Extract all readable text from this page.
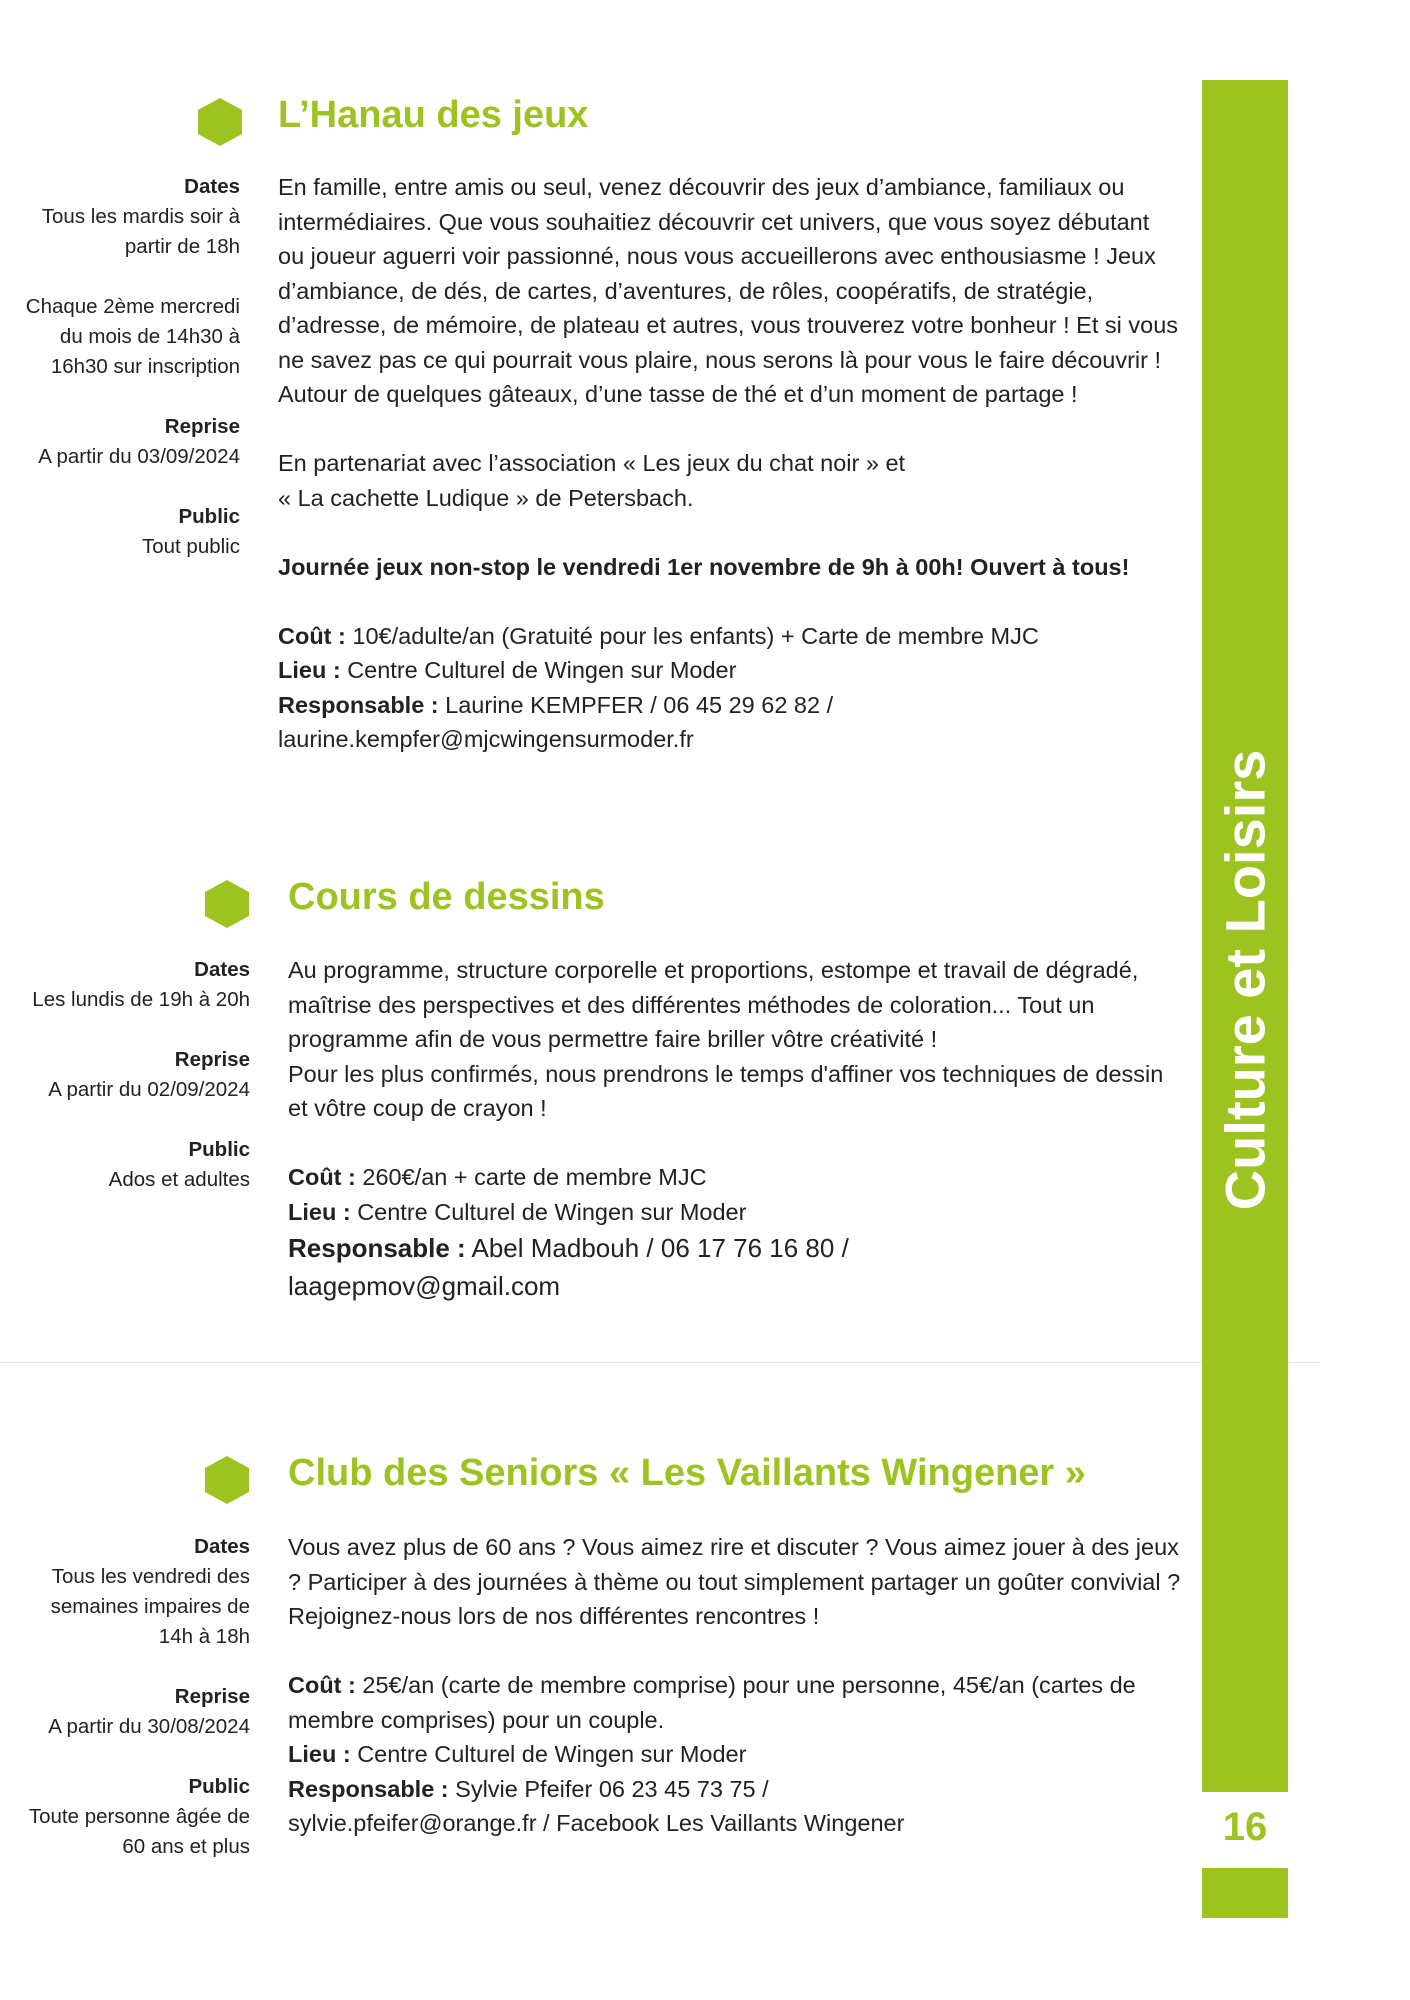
L’Hanau des jeux
Dates
Tous les mardis soir à
partir de 18h
Chaque 2ème mercredi
du mois de 14h30 à
16h30 sur inscription
Reprise
A partir du 03/09/2024
Public
Tout public

En famille, entre amis ou seul, venez découvrir des jeux d’ambiance, familiaux ou intermédiaires. Que vous souhaitiez découvrir cet univers, que vous soyez débutant ou joueur aguerri voir passionné, nous vous accueillerons avec enthousiasme ! Jeux d’ambiance, de dés, de cartes, d’aventures, de rôles, coopératifs, de stratégie, d’adresse, de mémoire, de plateau et autres, vous trouverez votre bonheur ! Et si vous ne savez pas ce qui pourrait vous plaire, nous serons là pour vous le faire découvrir !

Autour de quelques gâteaux, d’une tasse de thé et d’un moment de partage !

En partenariat avec l’association « Les jeux du chat noir » et

« La cachette Ludique » de Petersbach.

Journée jeux non-stop le vendredi 1er novembre de 9h à 00h! Ouvert à tous!

Coût : 10€/adulte/an (Gratuité pour les enfants) + Carte de membre MJC

Lieu : Centre Culturel de Wingen sur Moder

Responsable : Laurine KEMPFER / 06 45 29 62 82 /

laurine.kempfer@mjcwingensurmoder.fr

Cours de dessins
Dates
Les lundis de 19h à 20h
Reprise
A partir du 02/09/2024
Public
Ados et adultes

Au programme, structure corporelle et proportions, estompe et travail de dégradé, maîtrise des perspectives et des différentes méthodes de coloration... Tout un programme afin de vous permettre faire briller vôtre créativité !

Pour les plus confirmés, nous prendrons le temps d'affiner vos techniques de dessin et vôtre coup de crayon !

Coût : 260€/an + carte de membre MJC

Lieu : Centre Culturel de Wingen sur Moder

Responsable : Abel Madbouh / 06 17 76 16 80 /

laagepmov@gmail.com

Club des Seniors « Les Vaillants Wingener »
Dates
Tous les vendredi des
semaines impaires de
14h à 18h
Reprise
A partir du 30/08/2024
Public
Toute personne âgée de
60 ans et plus

Vous avez plus de 60 ans ? Vous aimez rire et discuter ? Vous aimez jouer à des jeux ? Participer à des journées à thème ou tout simplement partager un goûter convivial ? Rejoignez-nous lors de nos différentes rencontres !

Coût : 25€/an (carte de membre comprise) pour une personne, 45€/an (cartes de membre comprises) pour un couple.

Lieu : Centre Culturel de Wingen sur Moder

Responsable : Sylvie Pfeifer 06 23 45 73 75 /

sylvie.pfeifer@orange.fr / Facebook Les Vaillants Wingener

Culture et Loisirs
16
